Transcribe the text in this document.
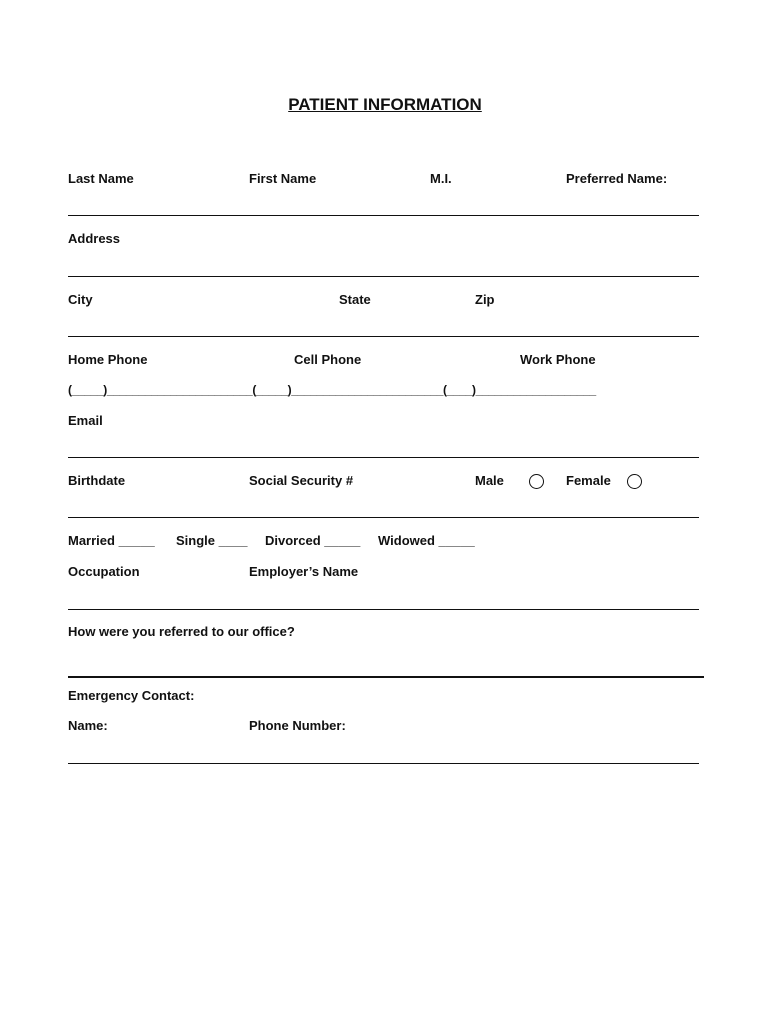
PATIENT INFORMATION
Last Name	First Name	M.I.	Preferred Name:
Address
City	State	Zip
Home Phone	Cell Phone	Work Phone
(_____)_______________________(_____)________________________(____)___________________
Email
Birthdate	Social Security #	Male	Female
Married _____ Single ____ Divorced _____ Widowed _____
Occupation	Employer’s Name
How were you referred to our office?
Emergency Contact:
Name:	Phone Number:
